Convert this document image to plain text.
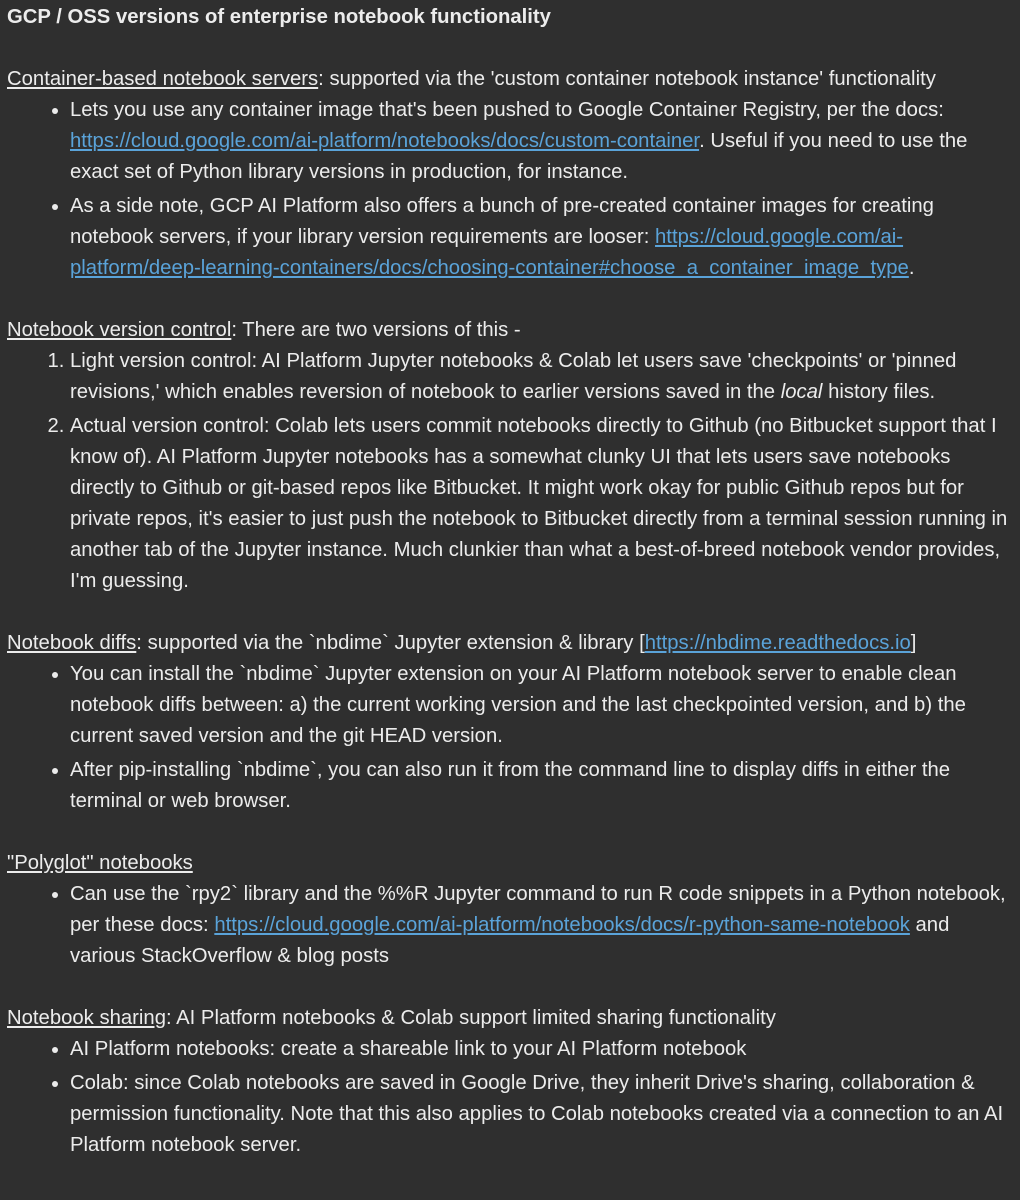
GCP / OSS versions of enterprise notebook functionality
Container-based notebook servers: supported via the 'custom container notebook instance' functionality
• Lets you use any container image that's been pushed to Google Container Registry, per the docs: https://cloud.google.com/ai-platform/notebooks/docs/custom-container. Useful if you need to use the exact set of Python library versions in production, for instance.
• As a side note, GCP AI Platform also offers a bunch of pre-created container images for creating notebook servers, if your library version requirements are looser: https://cloud.google.com/ai-platform/deep-learning-containers/docs/choosing-container#choose_a_container_image_type.
Notebook version control: There are two versions of this -
1. Light version control: AI Platform Jupyter notebooks & Colab let users save 'checkpoints' or 'pinned revisions,' which enables reversion of notebook to earlier versions saved in the local history files.
2. Actual version control: Colab lets users commit notebooks directly to Github (no Bitbucket support that I know of). AI Platform Jupyter notebooks has a somewhat clunky UI that lets users save notebooks directly to Github or git-based repos like Bitbucket. It might work okay for public Github repos but for private repos, it's easier to just push the notebook to Bitbucket directly from a terminal session running in another tab of the Jupyter instance. Much clunkier than what a best-of-breed notebook vendor provides, I'm guessing.
Notebook diffs: supported via the `nbdime` Jupyter extension & library [https://nbdime.readthedocs.io]
• You can install the `nbdime` Jupyter extension on your AI Platform notebook server to enable clean notebook diffs between: a) the current working version and the last checkpointed version, and b) the current saved version and the git HEAD version.
• After pip-installing `nbdime`, you can also run it from the command line to display diffs in either the terminal or web browser.
"Polyglot" notebooks
• Can use the `rpy2` library and the %%R Jupyter command to run R code snippets in a Python notebook, per these docs: https://cloud.google.com/ai-platform/notebooks/docs/r-python-same-notebook and various StackOverflow & blog posts
Notebook sharing: AI Platform notebooks & Colab support limited sharing functionality
• AI Platform notebooks: create a shareable link to your AI Platform notebook
• Colab: since Colab notebooks are saved in Google Drive, they inherit Drive's sharing, collaboration & permission functionality. Note that this also applies to Colab notebooks created via a connection to an AI Platform notebook server.
